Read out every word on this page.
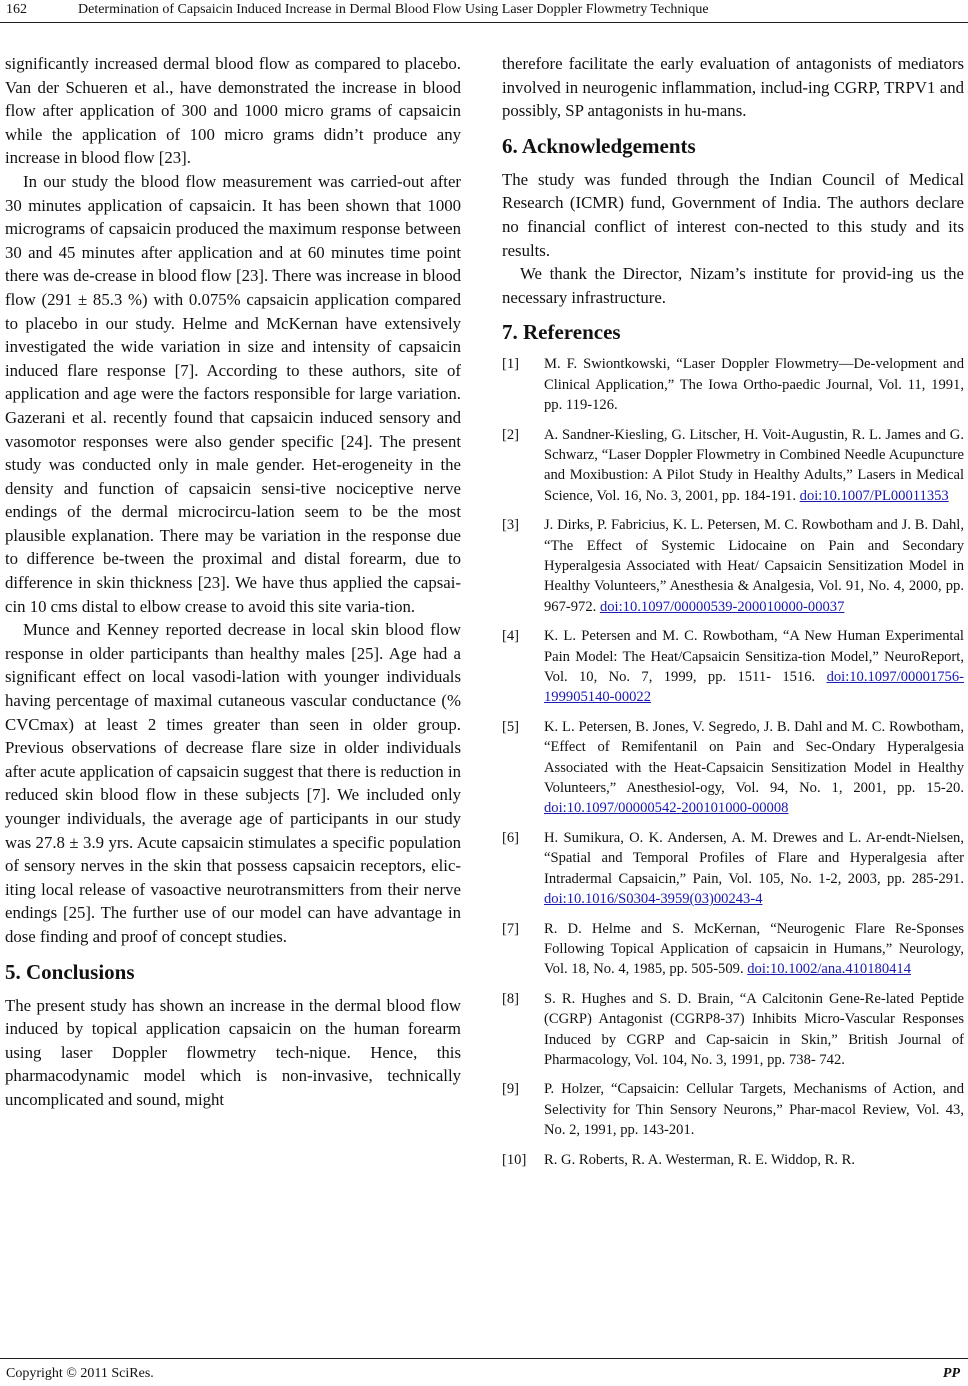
162	Determination of Capsaicin Induced Increase in Dermal Blood Flow Using Laser Doppler Flowmetry Technique

significantly increased dermal blood flow as compared to placebo. Van der Schueren et al., have demonstrated the increase in blood flow after application of 300 and 1000 micro grams of capsaicin while the application of 100 micro grams didn’t produce any increase in blood flow [23].

In our study the blood flow measurement was carried-out after 30 minutes application of capsaicin. It has been shown that 1000 micrograms of capsaicin produced the maximum response between 30 and 45 minutes after application and at 60 minutes time point there was de-crease in blood flow [23]. There was increase in blood flow (291 ± 85.3 %) with 0.075% capsaicin application compared to placebo in our study. Helme and McKernan have extensively investigated the wide variation in size and intensity of capsaicin induced flare response [7]. According to these authors, site of application and age were the factors responsible for large variation. Gazerani et al. recently found that capsaicin induced sensory and vasomotor responses were also gender specific [24]. The present study was conducted only in male gender. Het-erogeneity in the density and function of capsaicin sensi-tive nociceptive nerve endings of the dermal microcircu-lation seem to be the most plausible explanation. There may be variation in the response due to difference be-tween the proximal and distal forearm, due to difference in skin thickness [23]. We have thus applied the capsai-cin 10 cms distal to elbow crease to avoid this site varia-tion.

Munce and Kenney reported decrease in local skin blood flow response in older participants than healthy males [25]. Age had a significant effect on local vasodi-lation with younger individuals having percentage of maximal cutaneous vascular conductance (% CVCmax) at least 2 times greater than seen in older group. Previous observations of decrease flare size in older individuals after acute application of capsaicin suggest that there is reduction in reduced skin blood flow in these subjects [7]. We included only younger individuals, the average age of participants in our study was 27.8 ± 3.9 yrs. Acute capsaicin stimulates a specific population of sensory nerves in the skin that possess capsaicin receptors, elic-iting local release of vasoactive neurotransmitters from their nerve endings [25]. The further use of our model can have advantage in dose finding and proof of concept studies.

5. Conclusions

The present study has shown an increase in the dermal blood flow induced by topical application capsaicin on the human forearm using laser Doppler flowmetry tech-nique. Hence, this pharmacodynamic model which is non-invasive, technically uncomplicated and sound, might

therefore facilitate the early evaluation of antagonists of mediators involved in neurogenic inflammation, includ-ing CGRP, TRPV1 and possibly, SP antagonists in hu-mans.

6. Acknowledgements

The study was funded through the Indian Council of Medical Research (ICMR) fund, Government of India. The authors declare no financial conflict of interest con-nected to this study and its results.

We thank the Director, Nizam’s institute for provid-ing us the necessary infrastructure.

7. References
[1]	M. F. Swiontkowski, “Laser Doppler Flowmetry—De-velopment and Clinical Application,” The Iowa Ortho-paedic Journal, Vol. 11, 1991, pp. 119-126.
[2]	A. Sandner-Kiesling, G. Litscher, H. Voit-Augustin, R. L. James and G. Schwarz, “Laser Doppler Flowmetry in Combined Needle Acupuncture and Moxibustion: A Pilot Study in Healthy Adults,” Lasers in Medical Science, Vol. 16, No. 3, 2001, pp. 184-191. doi:10.1007/PL00011353
[3]	J. Dirks, P. Fabricius, K. L. Petersen, M. C. Rowbotham and J. B. Dahl, “The Effect of Systemic Lidocaine on Pain and Secondary Hyperalgesia Associated with Heat/ Capsaicin Sensitization Model in Healthy Volunteers,” Anesthesia & Analgesia, Vol. 91, No. 4, 2000, pp. 967-972. doi:10.1097/00000539-200010000-00037
[4]	K. L. Petersen and M. C. Rowbotham, “A New Human Experimental Pain Model: The Heat/Capsaicin Sensitiza-tion Model,” NeuroReport, Vol. 10, No. 7, 1999, pp. 1511- 1516. doi:10.1097/00001756-199905140-00022
[5]	K. L. Petersen, B. Jones, V. Segredo, J. B. Dahl and M. C. Rowbotham, “Effect of Remifentanil on Pain and Sec-Ondary Hyperalgesia Associated with the Heat-Capsaicin Sensitization Model in Healthy Volunteers,” Anesthesiol-ogy, Vol. 94, No. 1, 2001, pp. 15-20. doi:10.1097/00000542-200101000-00008
[6]	H. Sumikura, O. K. Andersen, A. M. Drewes and L. Ar-endt-Nielsen, “Spatial and Temporal Profiles of Flare and Hyperalgesia after Intradermal Capsaicin,” Pain, Vol. 105, No. 1-2, 2003, pp. 285-291. doi:10.1016/S0304-3959(03)00243-4
[7]	R. D. Helme and S. McKernan, “Neurogenic Flare Re-Sponses Following Topical Application of capsaicin in Humans,” Neurology, Vol. 18, No. 4, 1985, pp. 505-509. doi:10.1002/ana.410180414
[8]	S. R. Hughes and S. D. Brain, “A Calcitonin Gene-Re-lated Peptide (CGRP) Antagonist (CGRP8-37) Inhibits Micro-Vascular Responses Induced by CGRP and Cap-saicin in Skin,” British Journal of Pharmacology, Vol. 104, No. 3, 1991, pp. 738- 742.
[9]	P. Holzer, “Capsaicin: Cellular Targets, Mechanisms of Action, and Selectivity for Thin Sensory Neurons,” Phar-macol Review, Vol. 43, No. 2, 1991, pp. 143-201.
[10]	R. G. Roberts, R. A. Westerman, R. E. Widdop, R. R.
Copyright © 2011 SciRes.	PP
